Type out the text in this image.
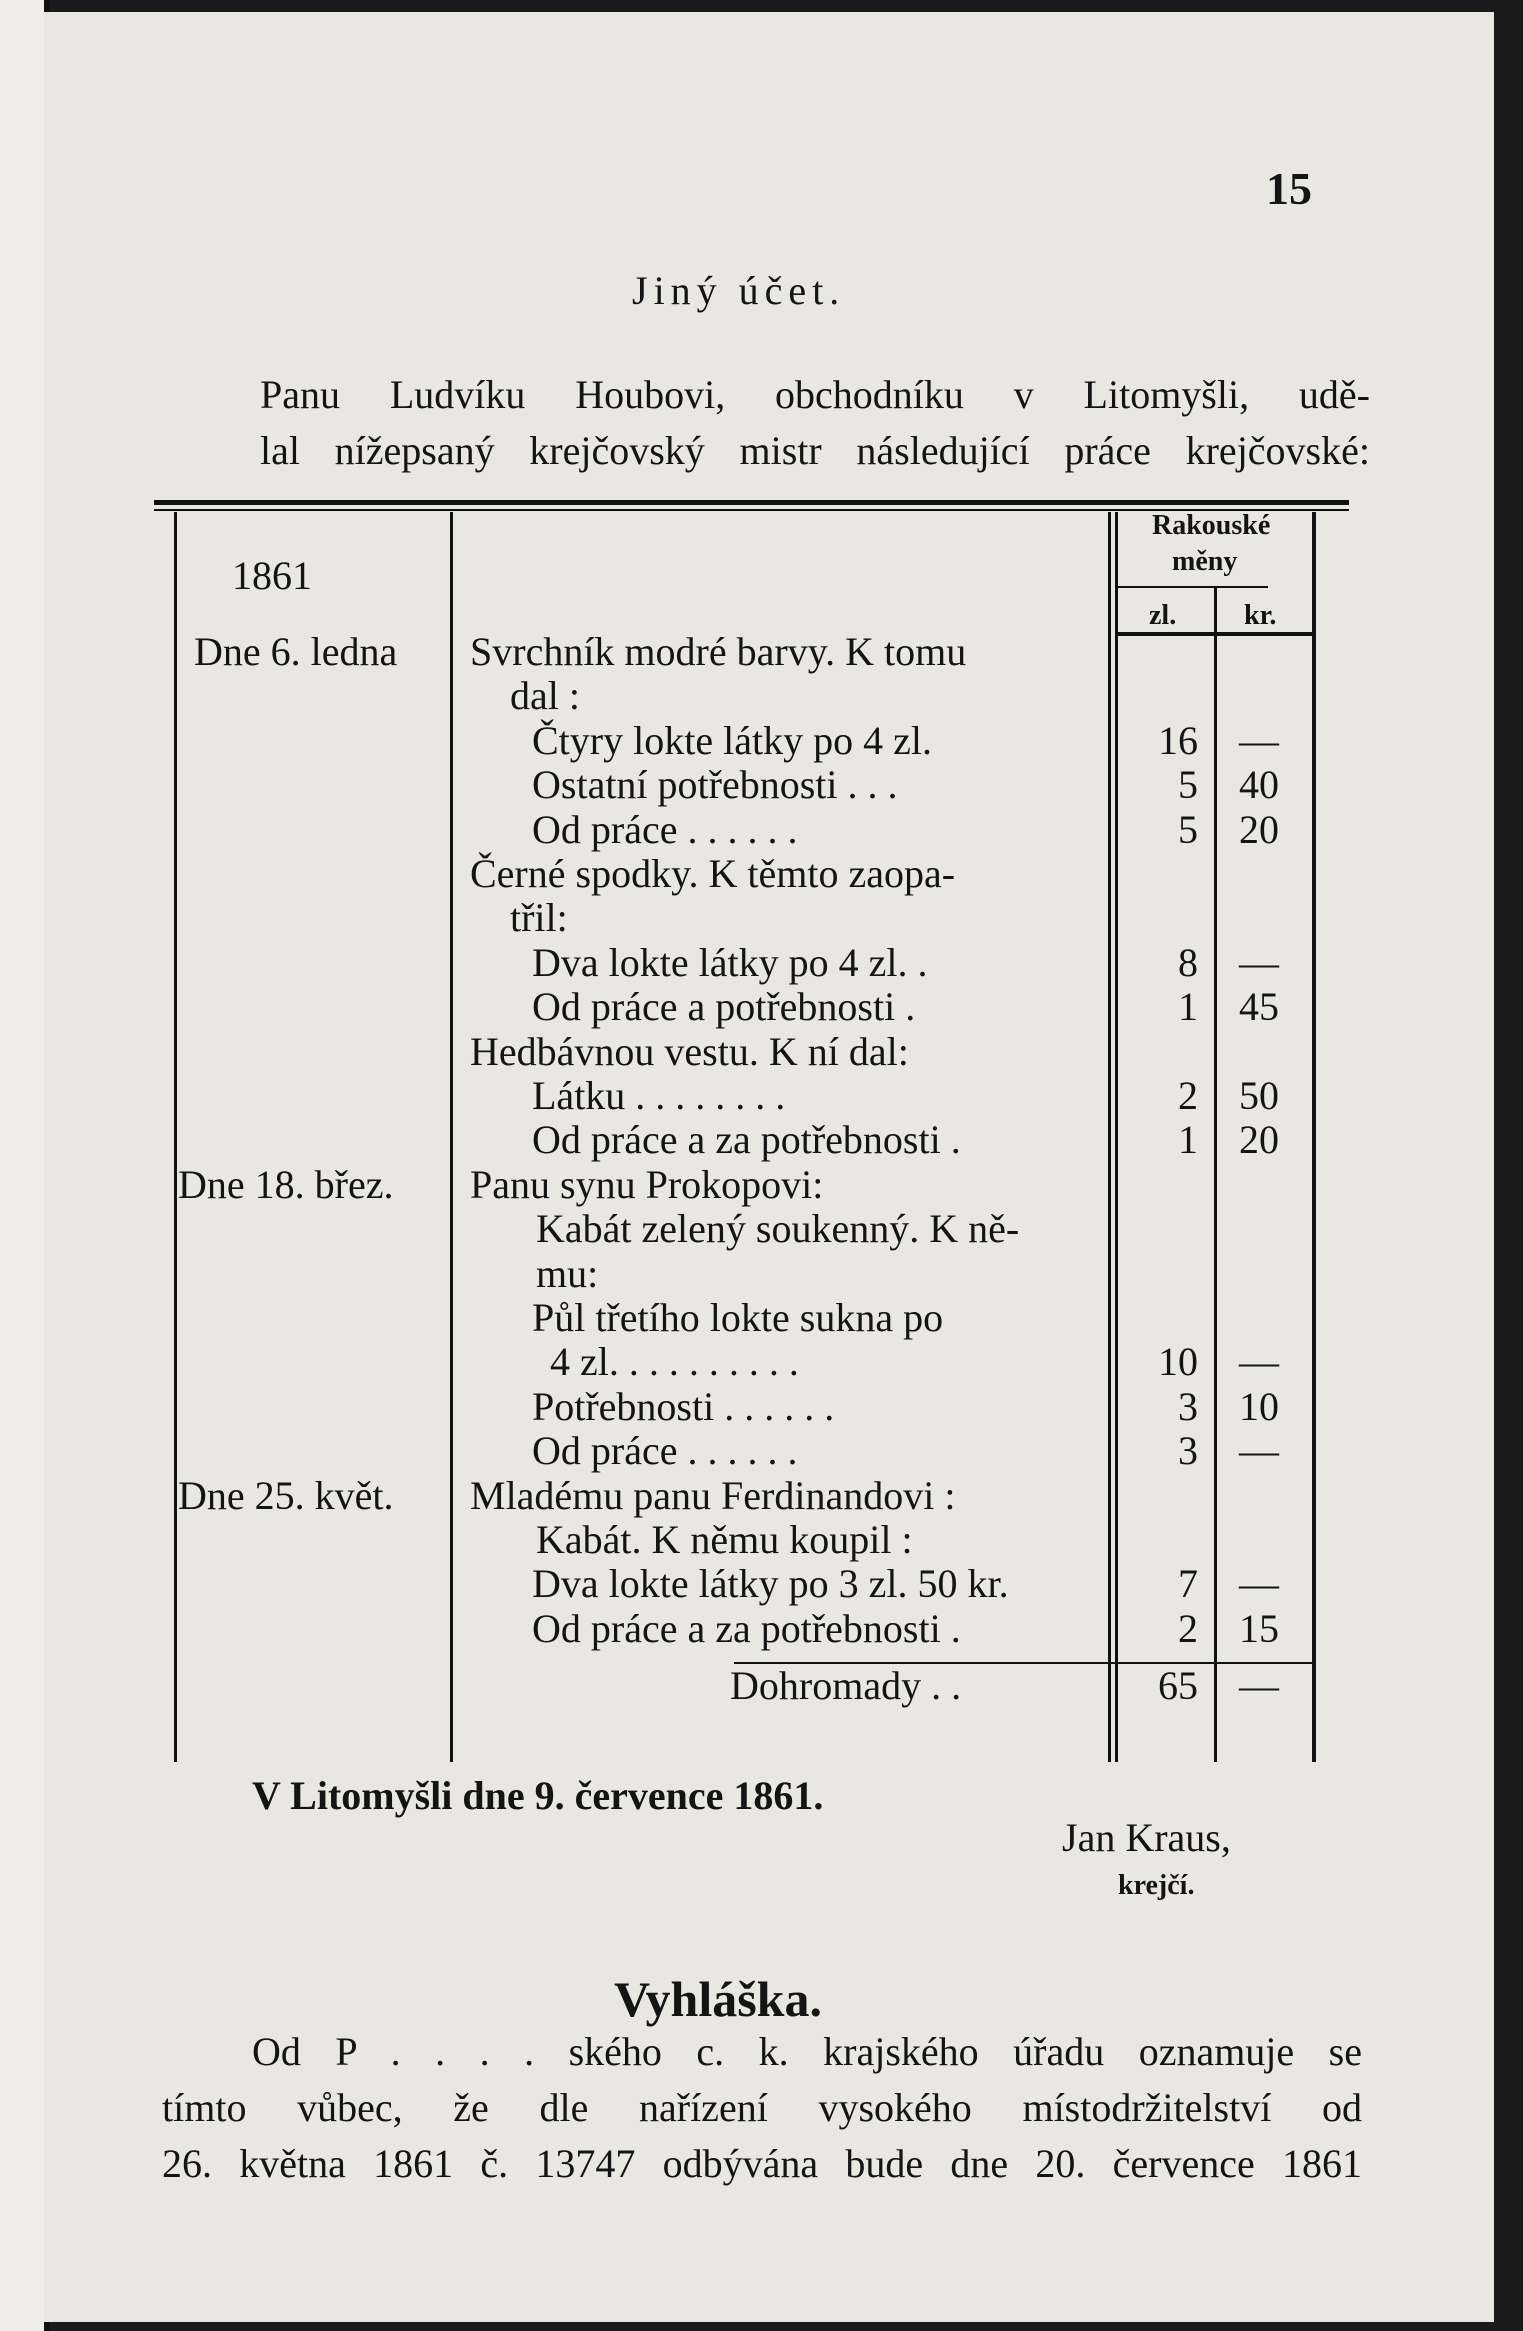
15
Jiný účet.
Panu Ludvíku Houbovi, obchodníku v Litomyšli, udě-
lal nížepsaný krejčovský mistr následující práce krejčovské:
1861
Rakouské
měny
zl. kr.
Dne 6. ledna Svrchník modré barvy. K tomu
dal :
Čtyry lokte látky po 4 zl.	16	—
Ostatní potřebnosti . . .	5	40
Od práce . . . . . .	5	20
Černé spodky. K těmto zaopa-
třil:
Dva lokte látky po 4 zl. .	8	—
Od práce a potřebnosti .	1	45
Hedbávnou vestu. K ní dal:
Látku . . . . . . . .	2	50
Od práce a za potřebnosti .	1	20
Dne 18. břez. Panu synu Prokopovi:
Kabát zelený soukenný. K ně-
mu:
Půl třetího lokte sukna po
4 zl. . . . . . . . . .	10	—
Potřebnosti . . . . . .	3	10
Od práce . . . . . .	3	—
Dne 25. květ. Mladému panu Ferdinandovi :
Kabát. K němu koupil :
Dva lokte látky po 3 zl. 50 kr.	7	—
Od práce a za potřebnosti .	2	15
Dohromady . .	65	—
V Litomyšli dne 9. července 1861.
Jan Kraus,
krejčí.
Vyhláška.
Od P . . . . ského c. k. krajského úřadu oznamuje se
tímto vůbec, že dle nařízení vysokého místodržitelství od
26. května 1861 č. 13747 odbývána bude dne 20. července 1861
